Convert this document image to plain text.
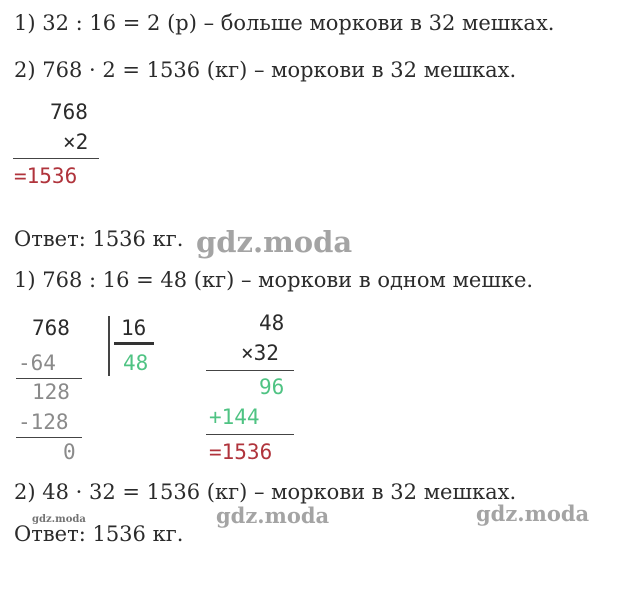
1) 32 : 16 = 2 (р) – больше моркови в 32 мешках.
2) 768 · 2 = 1536 (кг) – моркови в 32 мешках.
768
×2
=1536
Ответ: 1536 кг. gdz.moda
1) 768 : 16 = 48 (кг) – моркови в одном мешке.
768 16
48
-64
128
-128
0
48
×32
96
+144
=1536
2) 48 · 32 = 1536 (кг) – моркови в 32 мешках.
gdz.moda	gdz.moda	gdz.moda
Ответ: 1536 кг.
